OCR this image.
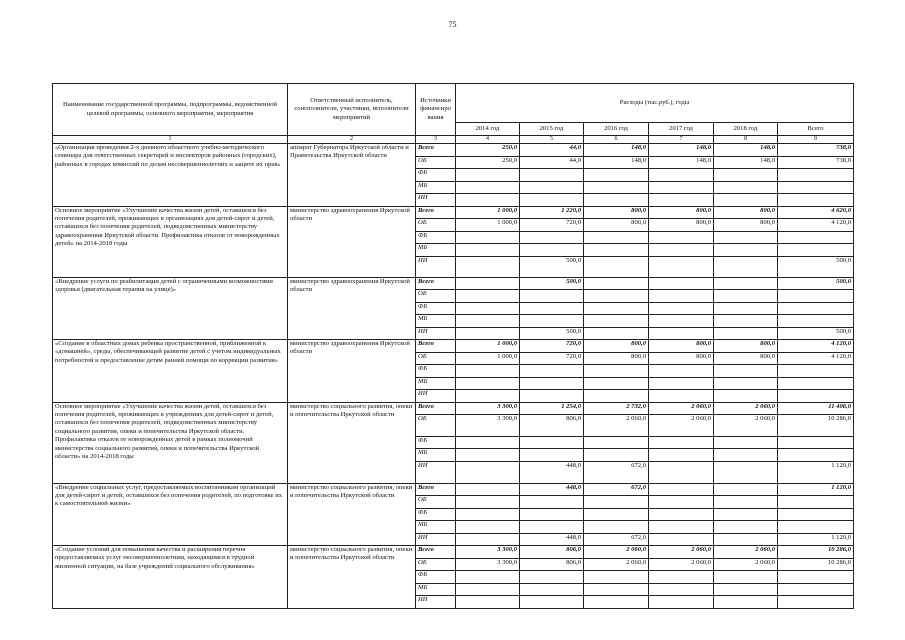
75
Наименование государственной программы, подпрограммы, ведомственной целевой программы, основного мероприятия, мероприятия	Ответственный исполнитель, соисполнители, участники, исполнители мероприятий	Источники финансиро вания	Расходы (тыс.руб.), годы					
			2014 год	2015 год	2016 год	2017 год	2018 год	Всего
1	2	3	4	5	6	7	8	9
«Организация проведения 2-х дневного областного учебно-методического семинара для ответственных секретарей и инспекторов районных (городских), районных в городах комиссий по делам несовершеннолетних и защите их прав»	аппарат Губернатора Иркутской области и Правительства Иркутской области	Всего	250,0	44,0	148,0	148,0	148,0	738,0
		ОБ	250,0	44,0	148,0	148,0	148,0	738,0
		ФБ						
		МБ						
		ИИ						
Основное мероприятие «Улучшение качества жизни детей, оставшихся без попечения родителей, проживающих в организациях для детей-сирот и детей, оставшихся без попечения родителей, подведомственных министерству здравоохранения Иркутской области. Профилактика отказов от новорожденных детей» на 2014-2018 годы	министерство здравоохранения Иркутской области	Всего	1 000,0	1 220,0	800,0	800,0	800,0	4 620,0
		ОБ	1 000,0	720,0	800,0	800,0	800,0	4 120,0
		ФБ						
		МБ						
		ИИ		500,0				500,0
«Внедрение услуги по реабилитации детей с ограниченными возможностями здоровья (двигательная терапия на улице)»	министерство здравоохранения Иркутской области	Всего		500,0				500,0
		ОБ						
		ФБ						
		МБ						
		ИИ		500,0				500,0
«Создание в областных домах ребенка пространственной, приближенной к «домашней», среды, обеспечивающей развитие детей с учетом индивидуальных потребностей и предоставление детям ранней помощи по коррекции развития»	министерство здравоохранения Иркутской области	Всего	1 000,0	720,0	800,0	800,0	800,0	4 120,0
		ОБ	1 000,0	720,0	800,0	800,0	800,0	4 120,0
		ФБ						
		МБ						
		ИИ						
Основное мероприятие «Улучшение качества жизни детей, оставшихся без попечения родителей, проживающих в учреждениях для детей-сирот и детей, оставшихся без попечения родителей, подведомственных министерству социального развития, опеки и попечительства Иркутской области. Профилактика отказов от новорожденных детей в рамках полномочий министерства социального развития, опеки и попечительства Иркутской области» на 2014-2018 годы	министерство социального развития, опеки и попечительства Иркутской области	Всего	3 300,0	1 254,0	2 732,0	2 060,0	2 060,0	11 406,0
		ОБ	3 300,0	806,0	2 060,0	2 060,0	2 060,0	10 286,0
		ФБ						
		МБ						
		ИИ		448,0	672,0			1 120,0
«Внедрение социальных услуг, предоставляемых воспитанникам организаций для детей-сирот и детей, оставшихся без попечения родителей, по подготовке их к самостоятельной жизни»	министерство социального развития, опеки и попечительства Иркутской области	Всего		448,0	672,0			1 120,0
		ОБ						
		ФБ						
		МБ						
		ИИ		448,0	672,0			1 120,0
«Создание условий для повышения качества и расширения перечня предоставляемых услуг несовершеннолетним, находящимся в трудной жизненной ситуации, на базе учреждений социального обслуживания»	министерство социального развития, опеки и попечительства Иркутской области	Всего	3 300,0	806,0	2 060,0	2 060,0	2 060,0	10 286,0
		ОБ	3 300,0	806,0	2 060,0	2 060,0	2 060,0	10 286,0
		ФБ						
		МБ						
		ИИ						
